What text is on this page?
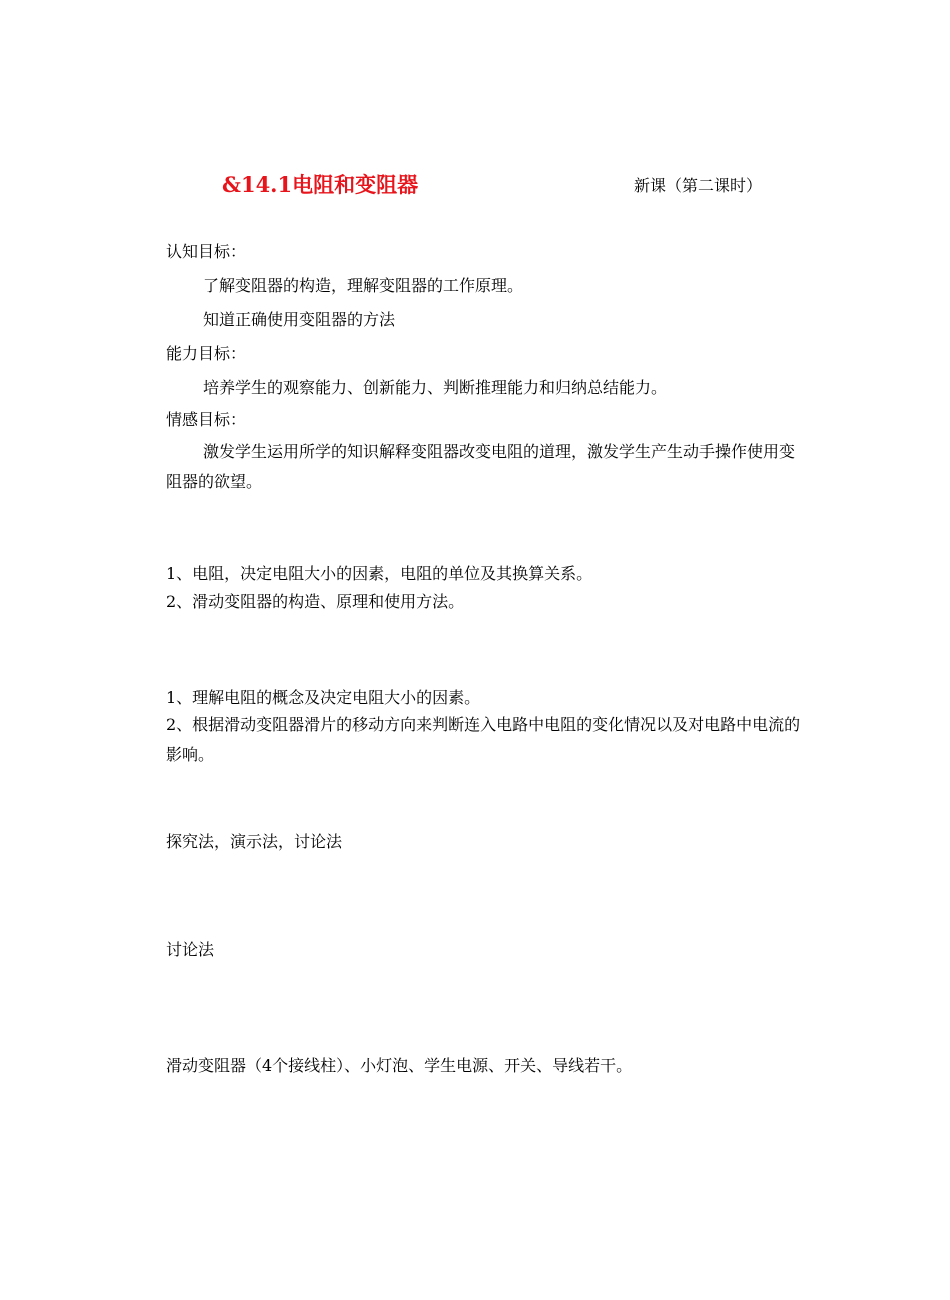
&14.1电阻和变阻器	新课（第二课时）
认知目标：
了解变阻器的构造，理解变阻器的工作原理。
知道正确使用变阻器的方法
能力目标：
培养学生的观察能力、创新能力、判断推理能力和归纳总结能力。
情感目标：
激发学生运用所学的知识解释变阻器改变电阻的道理，激发学生产生动手操作使用变阻器的欲望。
1、电阻，决定电阻大小的因素，电阻的单位及其换算关系。
2、滑动变阻器的构造、原理和使用方法。
1、理解电阻的概念及决定电阻大小的因素。
2、根据滑动变阻器滑片的移动方向来判断连入电路中电阻的变化情况以及对电路中电流的影响。
探究法，演示法，讨论法
讨论法
滑动变阻器（4个接线柱）、小灯泡、学生电源、开关、导线若干。
